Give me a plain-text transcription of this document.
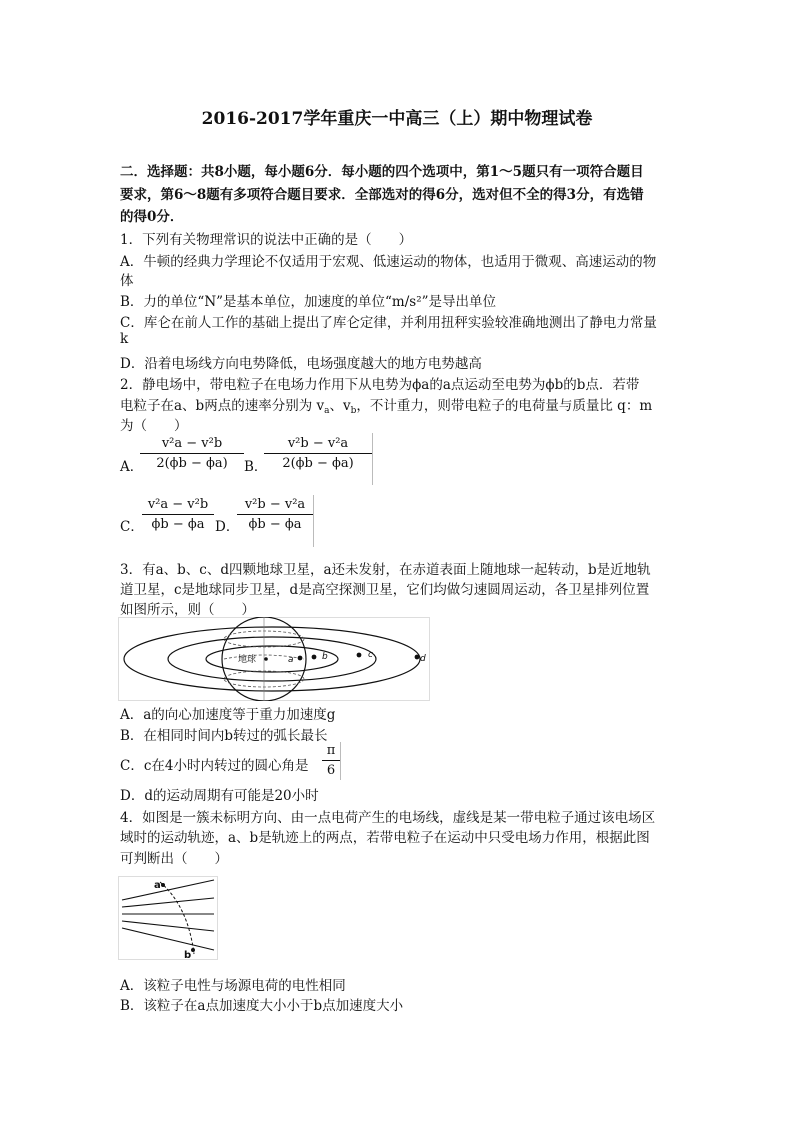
2016-2017学年重庆一中高三（上）期中物理试卷
二．选择题：共8小题，每小题6分．每小题的四个选项中，第1～5题只有一项符合题目
要求，第6～8题有多项符合题目要求．全部选对的得6分，选对但不全的得3分，有选错
的得0分．
1．下列有关物理常识的说法中正确的是（　　）
A．牛顿的经典力学理论不仅适用于宏观、低速运动的物体，也适用于微观、高速运动的物
体
B．力的单位“N”是基本单位，加速度的单位“m/s²”是导出单位
C．库仑在前人工作的基础上提出了库仑定律，并利用扭秤实验较准确地测出了静电力常量
k
D．沿着电场线方向电势降低，电场强度越大的地方电势越高
2．静电场中，带电粒子在电场力作用下从电势为ϕa的a点运动至电势为ϕb的b点．若带
电粒子在a、b两点的速率分别为 $v_a$、$v_b$，不计重力，则带电粒子的电荷量与质量比 q：m
为（　　）
A．
v²a − v²b
2(ϕb − ϕa)	B．
v²b − v²a
2(ϕb − ϕa)
C．
v²a − v²b
ϕb − ϕa D．
v²b − v²a
ϕb − ϕa
3．有a、b、c、d四颗地球卫星，a还未发射，在赤道表面上随地球一起转动，b是近地轨
道卫星，c是地球同步卫星，d是高空探测卫星，它们均做匀速圆周运动，各卫星排列位置
如图所示，则（　　）
地球	a	b	c	d
A．a的向心加速度等于重力加速度g
B．在相同时间内b转过的弧长最长
C．c在4小时内转过的圆心角是
π
6
D．d的运动周期有可能是20小时
4．如图是一簇未标明方向、由一点电荷产生的电场线，虚线是某一带电粒子通过该电场区
域时的运动轨迹，a、b是轨迹上的两点，若带电粒子在运动中只受电场力作用，根据此图
可判断出（　　）
a
b
A．该粒子电性与场源电荷的电性相同
B．该粒子在a点加速度大小小于b点加速度大小
